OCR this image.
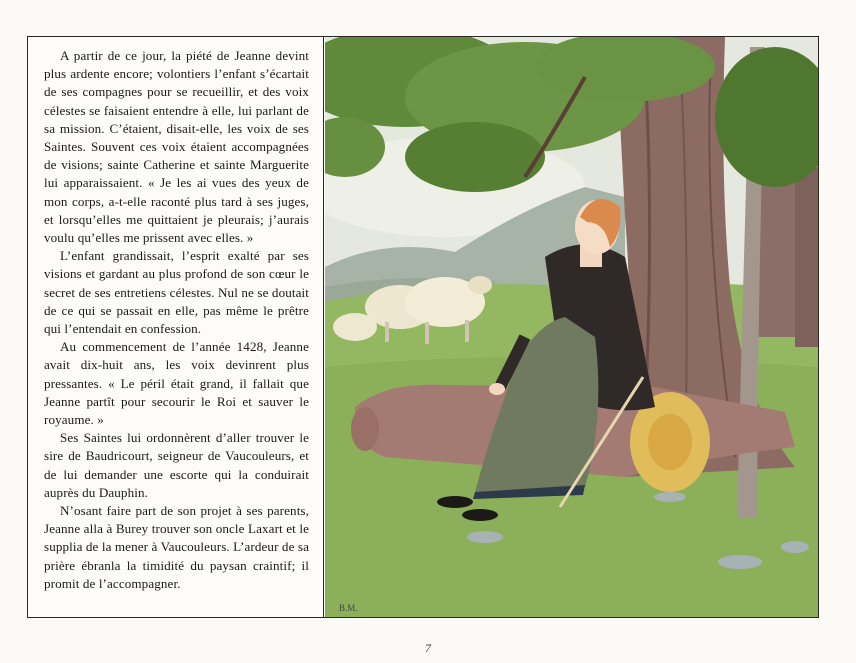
A partir de ce jour, la piété de Jeanne devint plus ardente encore; volontiers l’enfant s’écartait de ses compagnes pour se recueillir, et des voix célestes se faisaient entendre à elle, lui parlant de sa mission. C’étaient, disait-elle, les voix de ses Saintes. Souvent ces voix étaient accompagnées de visions; sainte Catherine et sainte Marguerite lui apparaissaient. « Je les ai vues des yeux de mon corps, a-t-elle raconté plus tard à ses juges, et lorsqu’elles me quittaient je pleurais; j’aurais voulu qu’elles me prissent avec elles. »

L’enfant grandissait, l’esprit exalté par ses visions et gardant au plus profond de son cœur le secret de ses entretiens célestes. Nul ne se doutait de ce qui se passait en elle, pas même le prêtre qui l’entendait en confession.

Au commencement de l’année 1428, Jeanne avait dix-huit ans, les voix devinrent plus pressantes. « Le péril était grand, il fallait que Jeanne partît pour secourir le Roi et sauver le royaume. »

Ses Saintes lui ordonnèrent d’aller trouver le sire de Baudricourt, seigneur de Vaucouleurs, et de lui demander une escorte qui la conduirait auprès du Dauphin.

N’osant faire part de son projet à ses parents, Jeanne alla à Burey trouver son oncle Laxart et le supplia de la mener à Vaucouleurs. L’ardeur de sa prière ébranla la timidité du paysan craintif; il promit de l’accompagner.

B.M.
7
